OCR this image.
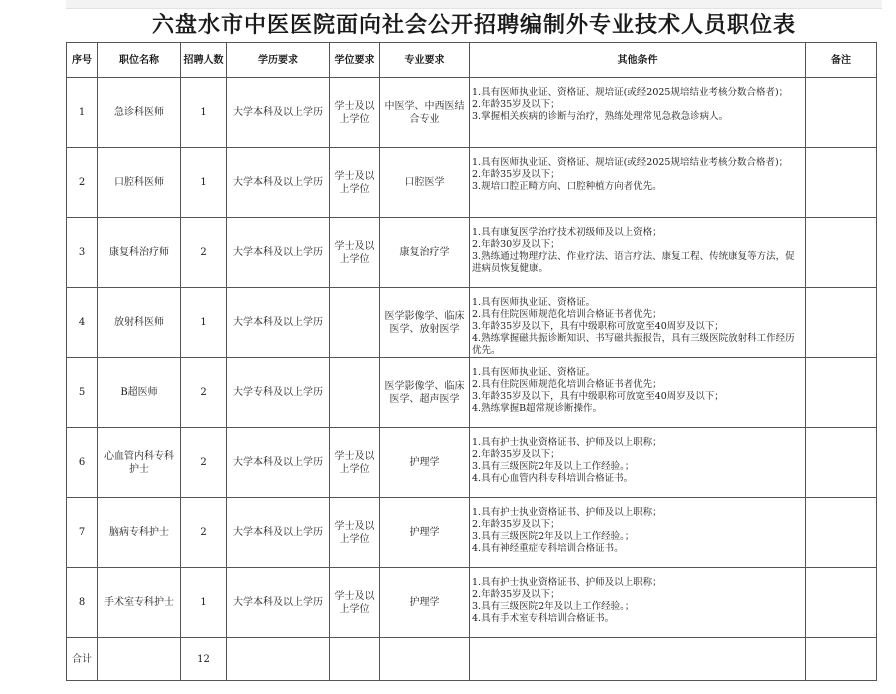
六盘水市中医医院面向社会公开招聘编制外专业技术人员职位表
序号	职位名称	招聘人数	学历要求	学位要求	专业要求	其他条件	备注
1	急诊科医师	1	大学本科及以上学历	学士及以上学位	中医学、中西医结合专业	1.具有医师执业证、资格证、规培证(或经2025规培结业考核分数合格者)；
2.年龄35岁及以下；
3.掌握相关疾病的诊断与治疗，熟练处理常见急救急诊病人。	

2	口腔科医师	1	大学本科及以上学历	学士及以上学位	口腔医学	1.具有医师执业证、资格证、规培证(或经2025规培结业考核分数合格者)；
2.年龄35岁及以下；
3.规培口腔正畸方向、口腔种植方向者优先。	

3	康复科治疗师	2	大学本科及以上学历	学士及以上学位	康复治疗学	1.具有康复医学治疗技术初级师及以上资格；
2.年龄30岁及以下；
3.熟练通过物理疗法、作业疗法、语言疗法、康复工程、传统康复等方法，促进病员恢复健康。	

4	放射科医师	1	大学本科及以上学历		医学影像学、临床医学、放射医学	1.具有医师执业证、资格证。
2.具有住院医师规范化培训合格证书者优先；
3.年龄35岁及以下，具有中级职称可放宽至40周岁及以下；
4.熟练掌握磁共振诊断知识、书写磁共振报告，具有三级医院放射科工作经历优先。	

5	B超医师	2	大学专科及以上学历		医学影像学、临床医学、超声医学	1.具有医师执业证、资格证。
2.具有住院医师规范化培训合格证书者优先；
3.年龄35岁及以下，具有中级职称可放宽至40周岁及以下；
4.熟练掌握B超常规诊断操作。	

6	心血管内科专科护士	2	大学本科及以上学历	学士及以上学位	护理学	1.具有护士执业资格证书、护师及以上职称；
2.年龄35岁及以下；
3.具有三级医院2年及以上工作经验。；
4.具有心血管内科专科培训合格证书。	

7	脑病专科护士	2	大学本科及以上学历	学士及以上学位	护理学	1.具有护士执业资格证书、护师及以上职称；
2.年龄35岁及以下；
3.具有三级医院2年及以上工作经验。；
4.具有神经重症专科培训合格证书。	

8	手术室专科护士	1	大学本科及以上学历	学士及以上学位	护理学	1.具有护士执业资格证书、护师及以上职称；
2.年龄35岁及以下；
3.具有三级医院2年及以上工作经验。；
4.具有手术室专科培训合格证书。	

合计		12					
